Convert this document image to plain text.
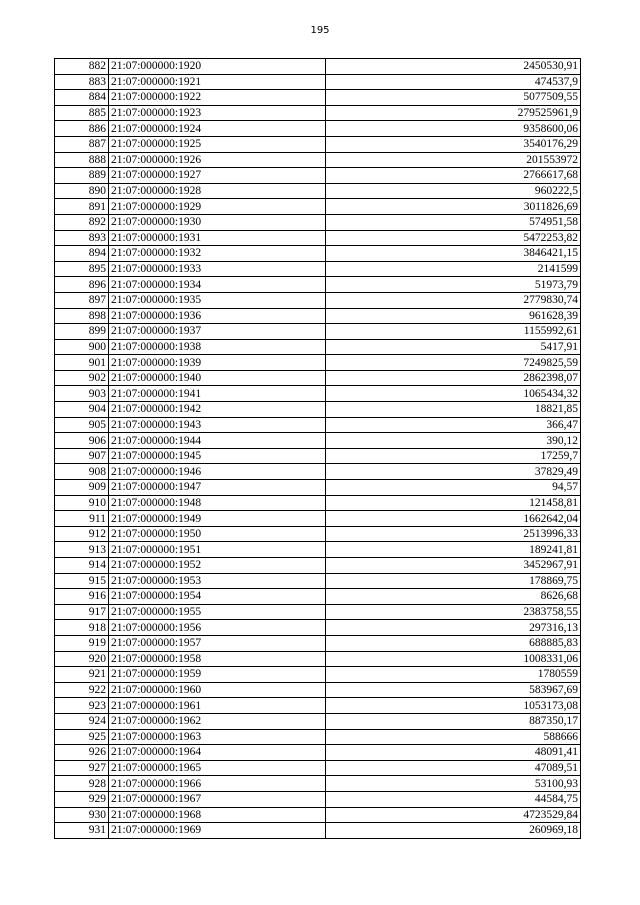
195
882	21:07:000000:1920	2450530,91
883	21:07:000000:1921	474537,9
884	21:07:000000:1922	5077509,55
885	21:07:000000:1923	279525961,9
886	21:07:000000:1924	9358600,06
887	21:07:000000:1925	3540176,29
888	21:07:000000:1926	201553972
889	21:07:000000:1927	2766617,68
890	21:07:000000:1928	960222,5
891	21:07:000000:1929	3011826,69
892	21:07:000000:1930	574951,58
893	21:07:000000:1931	5472253,82
894	21:07:000000:1932	3846421,15
895	21:07:000000:1933	2141599
896	21:07:000000:1934	51973,79
897	21:07:000000:1935	2779830,74
898	21:07:000000:1936	961628,39
899	21:07:000000:1937	1155992,61
900	21:07:000000:1938	5417,91
901	21:07:000000:1939	7249825,59
902	21:07:000000:1940	2862398,07
903	21:07:000000:1941	1065434,32
904	21:07:000000:1942	18821,85
905	21:07:000000:1943	366,47
906	21:07:000000:1944	390,12
907	21:07:000000:1945	17259,7
908	21:07:000000:1946	37829,49
909	21:07:000000:1947	94,57
910	21:07:000000:1948	121458,81
911	21:07:000000:1949	1662642,04
912	21:07:000000:1950	2513996,33
913	21:07:000000:1951	189241,81
914	21:07:000000:1952	3452967,91
915	21:07:000000:1953	178869,75
916	21:07:000000:1954	8626,68
917	21:07:000000:1955	2383758,55
918	21:07:000000:1956	297316,13
919	21:07:000000:1957	688885,83
920	21:07:000000:1958	1008331,06
921	21:07:000000:1959	1780559
922	21:07:000000:1960	583967,69
923	21:07:000000:1961	1053173,08
924	21:07:000000:1962	887350,17
925	21:07:000000:1963	588666
926	21:07:000000:1964	48091,41
927	21:07:000000:1965	47089,51
928	21:07:000000:1966	53100,93
929	21:07:000000:1967	44584,75
930	21:07:000000:1968	4723529,84
931	21:07:000000:1969	260969,18
